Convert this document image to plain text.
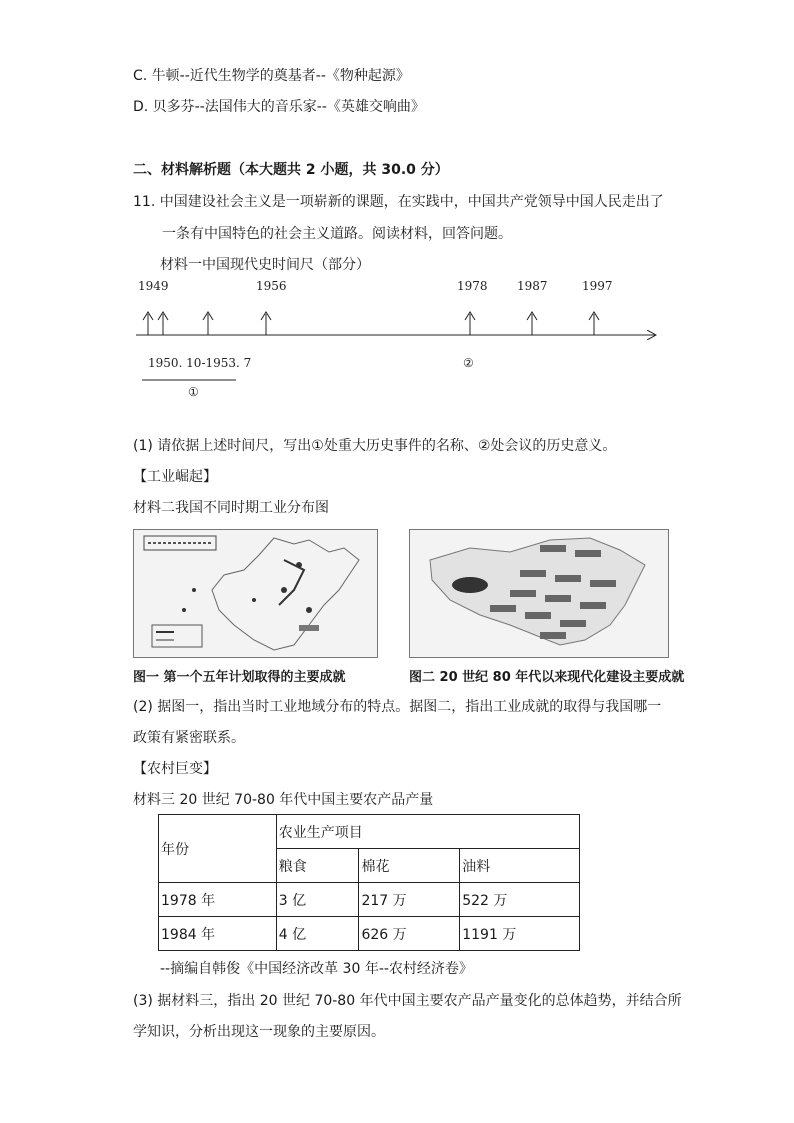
C. 牛顿--近代生物学的奠基者--《物种起源》
D. 贝多芬--法国伟大的音乐家--《英雄交响曲》
二、材料解析题（本大题共 2 小题，共 30.0 分）
11. 中国建设社会主义是一项崭新的课题，在实践中，中国共产党领导中国人民走出了
一条有中国特色的社会主义道路。阅读材料，回答问题。
材料一中国现代史时间尺（部分）
1949	1956	1978 1987	1997
1950. 10-1953. 7
①
②
(1) 请依据上述时间尺，写出①处重大历史事件的名称、②处会议的历史意义。
【工业崛起】
材料二我国不同时期工业分布图
图一 第一个五年计划取得的主要成就	图二 20 世纪 80 年代以来现代化建设主要成就
(2) 据图一，指出当时工业地域分布的特点。据图二，指出工业成就的取得与我国哪一
政策有紧密联系。
【农村巨变】
材料三 20 世纪 70-80 年代中国主要农产品产量
年份	农业生产项目		
	粮食	棉花	油料
1978 年	3 亿	217 万	522 万
1984 年	4 亿	626 万	1191 万
--摘编自韩俊《中国经济改革 30 年--农村经济卷》
(3) 据材料三，指出 20 世纪 70-80 年代中国主要农产品产量变化的总体趋势，并结合所
学知识，分析出现这一现象的主要原因。
